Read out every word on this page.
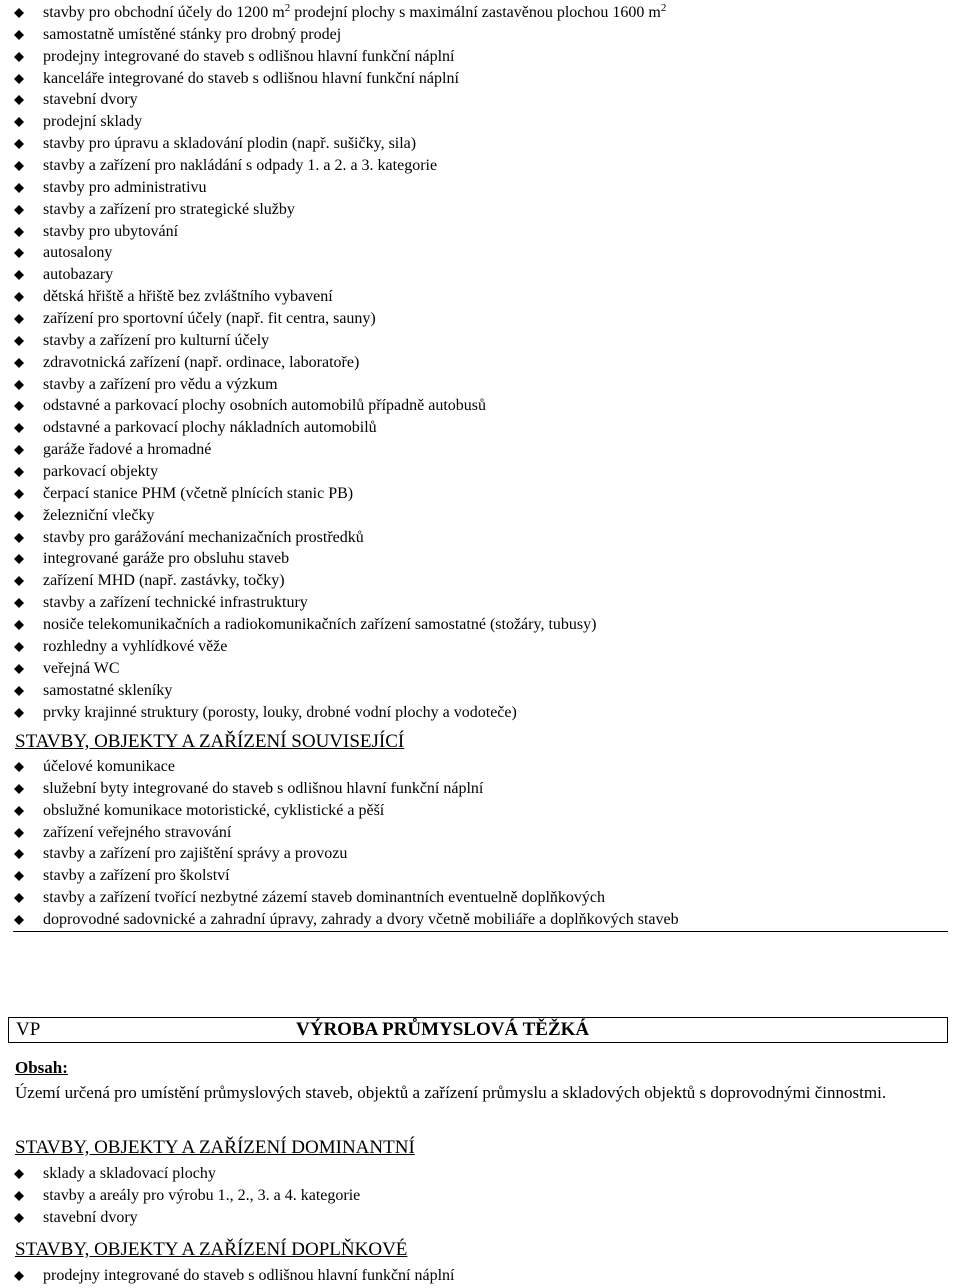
stavby pro obchodní účely do 1200 $m^2$ prodejní plochy s maximální zastavěnou plochou 1600 $m^2$
samostatně umístěné stánky pro drobný prodej
prodejny integrované do staveb s odlišnou hlavní funkční náplní
kanceláře integrované do staveb s odlišnou hlavní funkční náplní
stavební dvory
prodejní sklady
stavby pro úpravu a skladování plodin (např. sušičky, sila)
stavby a zařízení pro nakládání s odpady 1. a 2. a 3. kategorie
stavby pro administrativu
stavby a zařízení pro strategické služby
stavby pro ubytování
autosalony
autobazary
dětská hřiště a hřiště bez zvláštního vybavení
zařízení pro sportovní účely (např. fit centra, sauny)
stavby a zařízení pro kulturní účely
zdravotnická zařízení (např. ordinace, laboratoře)
stavby a zařízení pro vědu a výzkum
odstavné a parkovací plochy osobních automobilů případně autobusů
odstavné a parkovací plochy nákladních automobilů
garáže řadové a hromadné
parkovací objekty
čerpací stanice PHM (včetně plnících stanic PB)
železniční vlečky
stavby pro garážování mechanizačních prostředků
integrované garáže pro obsluhu staveb
zařízení MHD (např. zastávky, točky)
stavby a zařízení technické infrastruktury
nosiče telekomunikačních a radiokomunikačních zařízení samostatné (stožáry, tubusy)
rozhledny a vyhlídkové věže
veřejná WC
samostatné skleníky
prvky krajinné struktury (porosty, louky, drobné vodní plochy a vodoteče)
STAVBY, OBJEKTY A ZAŘÍZENÍ SOUVISEJÍCÍ
účelové komunikace
služební byty integrované do staveb s odlišnou hlavní funkční náplní
obslužné komunikace motoristické, cyklistické a pěší
zařízení veřejného stravování
stavby a zařízení pro zajištění správy a provozu
stavby a zařízení pro školství
stavby a zařízení tvořící nezbytné zázemí staveb dominantních eventuelně doplňkových
doprovodné sadovnické a zahradní úpravy, zahrady a dvory včetně mobiliáře a doplňkových staveb
VP	VÝROBA PRŮMYSLOVÁ TĚŽKÁ
Obsah:
Území určená pro umístění průmyslových staveb, objektů a zařízení průmyslu a skladových objektů s doprovodnými činnostmi.
STAVBY, OBJEKTY A ZAŘÍZENÍ DOMINANTNÍ
sklady a skladovací plochy
stavby a areály pro výrobu 1., 2., 3. a 4. kategorie
stavební dvory
STAVBY, OBJEKTY A ZAŘÍZENÍ DOPLŇKOVÉ
prodejny integrované do staveb s odlišnou hlavní funkční náplní
